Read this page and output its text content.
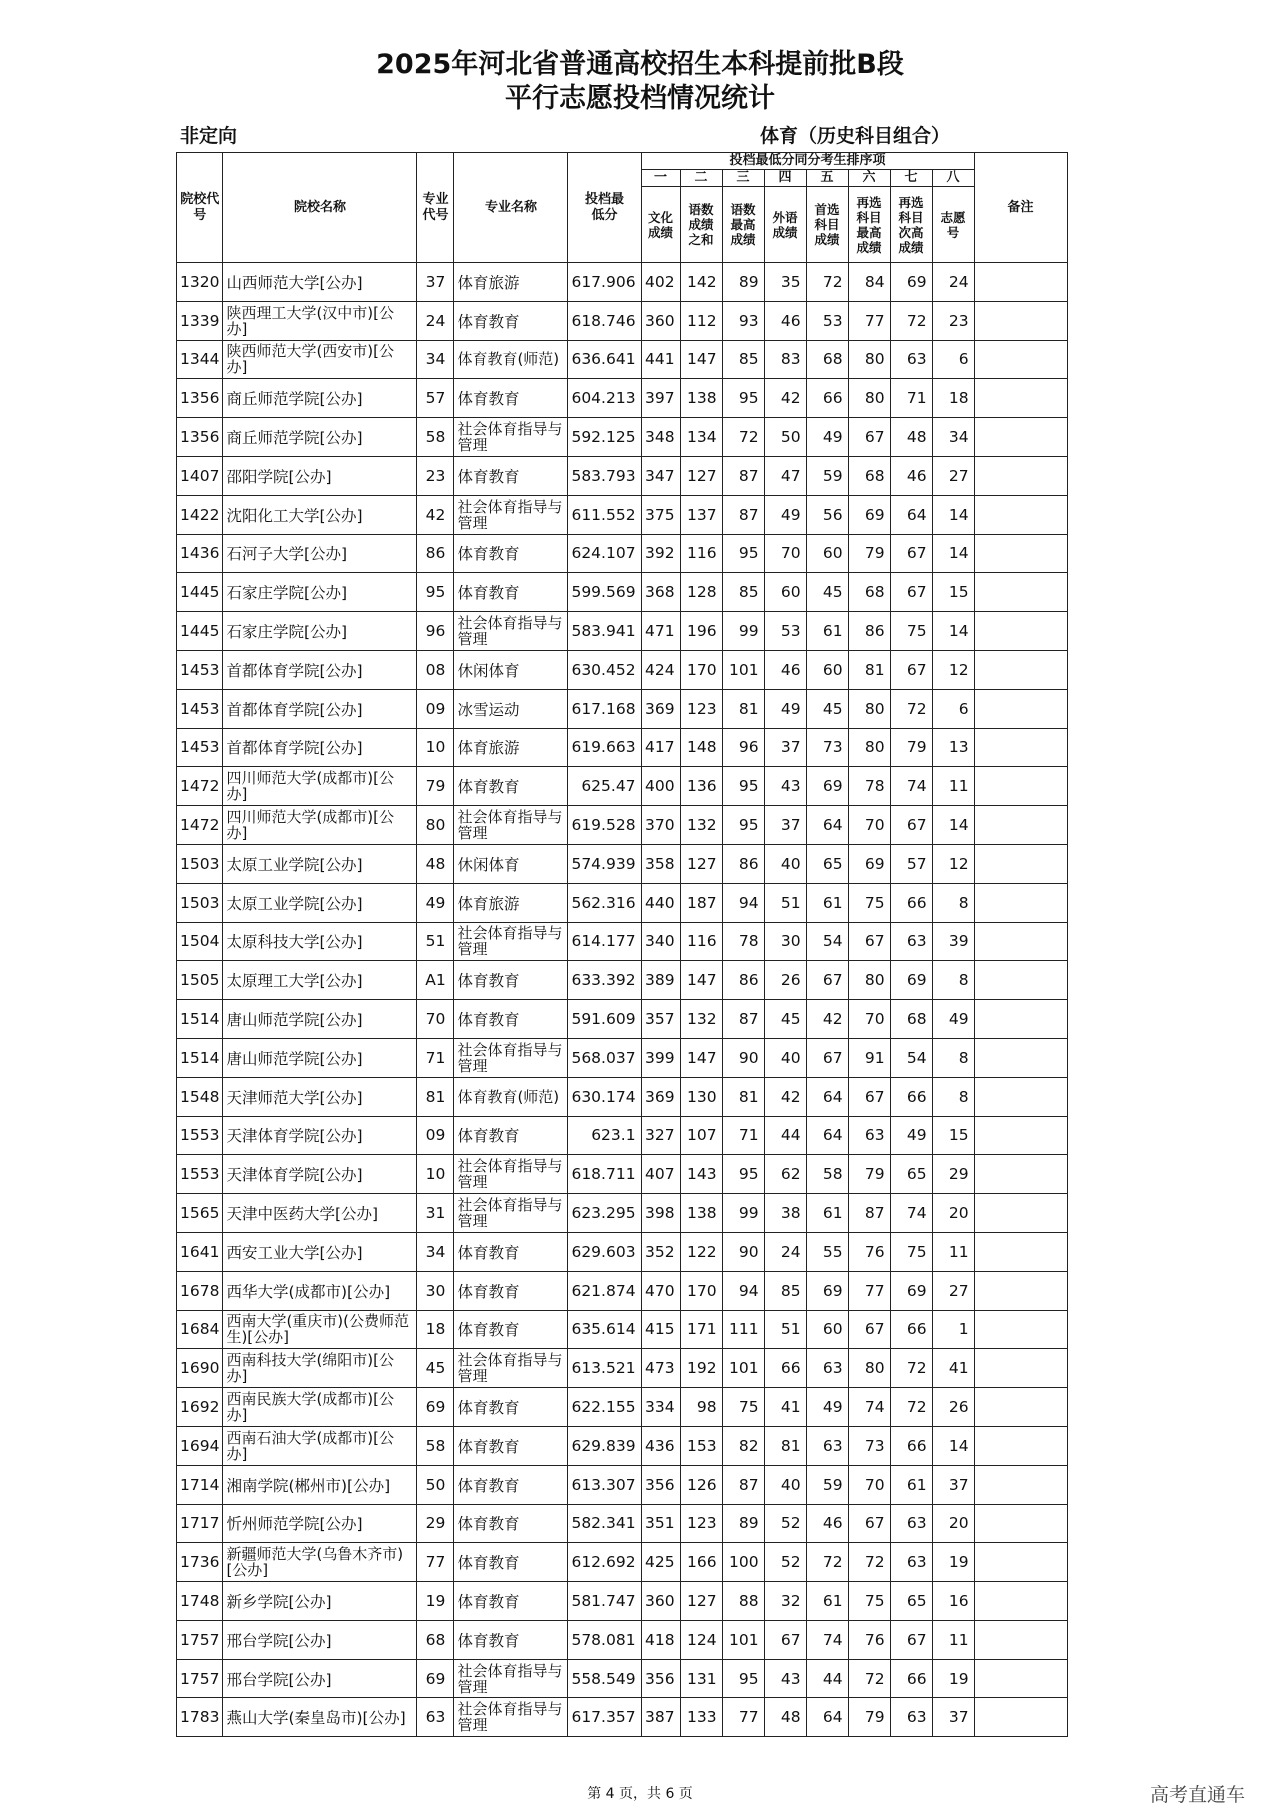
2025年河北省普通高校招生本科提前批B段
平行志愿投档情况统计
非定向	体育（历史科目组合）
院校代号	院校名称	专业代号	专业名称	投档最低分	投档最低分同分考生排序项								备注
					一	二	三	四	五	六	七	八	
					文化成绩	语数成绩之和	语数最高成绩	外语成绩	首选科目成绩	再选科目最高成绩	再选科目次高成绩	志愿号	
1320	山西师范大学[公办]	37	体育旅游	617.906	402	142	89	35	72	84	69	24	
1339	陕西理工大学(汉中市)[公办]	24	体育教育	618.746	360	112	93	46	53	77	72	23	
1344	陕西师范大学(西安市)[公办]	34	体育教育(师范)	636.641	441	147	85	83	68	80	63	6	
1356	商丘师范学院[公办]	57	体育教育	604.213	397	138	95	42	66	80	71	18	
1356	商丘师范学院[公办]	58	社会体育指导与管理	592.125	348	134	72	50	49	67	48	34	
1407	邵阳学院[公办]	23	体育教育	583.793	347	127	87	47	59	68	46	27	
1422	沈阳化工大学[公办]	42	社会体育指导与管理	611.552	375	137	87	49	56	69	64	14	
1436	石河子大学[公办]	86	体育教育	624.107	392	116	95	70	60	79	67	14	
1445	石家庄学院[公办]	95	体育教育	599.569	368	128	85	60	45	68	67	15	
1445	石家庄学院[公办]	96	社会体育指导与管理	583.941	471	196	99	53	61	86	75	14	
1453	首都体育学院[公办]	08	休闲体育	630.452	424	170	101	46	60	81	67	12	
1453	首都体育学院[公办]	09	冰雪运动	617.168	369	123	81	49	45	80	72	6	
1453	首都体育学院[公办]	10	体育旅游	619.663	417	148	96	37	73	80	79	13	
1472	四川师范大学(成都市)[公办]	79	体育教育	625.47	400	136	95	43	69	78	74	11	
1472	四川师范大学(成都市)[公办]	80	社会体育指导与管理	619.528	370	132	95	37	64	70	67	14	
1503	太原工业学院[公办]	48	休闲体育	574.939	358	127	86	40	65	69	57	12	
1503	太原工业学院[公办]	49	体育旅游	562.316	440	187	94	51	61	75	66	8	
1504	太原科技大学[公办]	51	社会体育指导与管理	614.177	340	116	78	30	54	67	63	39	
1505	太原理工大学[公办]	A1	体育教育	633.392	389	147	86	26	67	80	69	8	
1514	唐山师范学院[公办]	70	体育教育	591.609	357	132	87	45	42	70	68	49	
1514	唐山师范学院[公办]	71	社会体育指导与管理	568.037	399	147	90	40	67	91	54	8	
1548	天津师范大学[公办]	81	体育教育(师范)	630.174	369	130	81	42	64	67	66	8	
1553	天津体育学院[公办]	09	体育教育	623.1	327	107	71	44	64	63	49	15	
1553	天津体育学院[公办]	10	社会体育指导与管理	618.711	407	143	95	62	58	79	65	29	
1565	天津中医药大学[公办]	31	社会体育指导与管理	623.295	398	138	99	38	61	87	74	20	
1641	西安工业大学[公办]	34	体育教育	629.603	352	122	90	24	55	76	75	11	
1678	西华大学(成都市)[公办]	30	体育教育	621.874	470	170	94	85	69	77	69	27	
1684	西南大学(重庆市)(公费师范生)[公办]	18	体育教育	635.614	415	171	111	51	60	67	66	1	
1690	西南科技大学(绵阳市)[公办]	45	社会体育指导与管理	613.521	473	192	101	66	63	80	72	41	
1692	西南民族大学(成都市)[公办]	69	体育教育	622.155	334	98	75	41	49	74	72	26	
1694	西南石油大学(成都市)[公办]	58	体育教育	629.839	436	153	82	81	63	73	66	14	
1714	湘南学院(郴州市)[公办]	50	体育教育	613.307	356	126	87	40	59	70	61	37	
1717	忻州师范学院[公办]	29	体育教育	582.341	351	123	89	52	46	67	63	20	
1736	新疆师范大学(乌鲁木齐市)[公办]	77	体育教育	612.692	425	166	100	52	72	72	63	19	
1748	新乡学院[公办]	19	体育教育	581.747	360	127	88	32	61	75	65	16	
1757	邢台学院[公办]	68	体育教育	578.081	418	124	101	67	74	76	67	11	
1757	邢台学院[公办]	69	社会体育指导与管理	558.549	356	131	95	43	44	72	66	19	
1783	燕山大学(秦皇岛市)[公办]	63	社会体育指导与管理	617.357	387	133	77	48	64	79	63	37	
第 4 页，共 6 页	高考直通车
